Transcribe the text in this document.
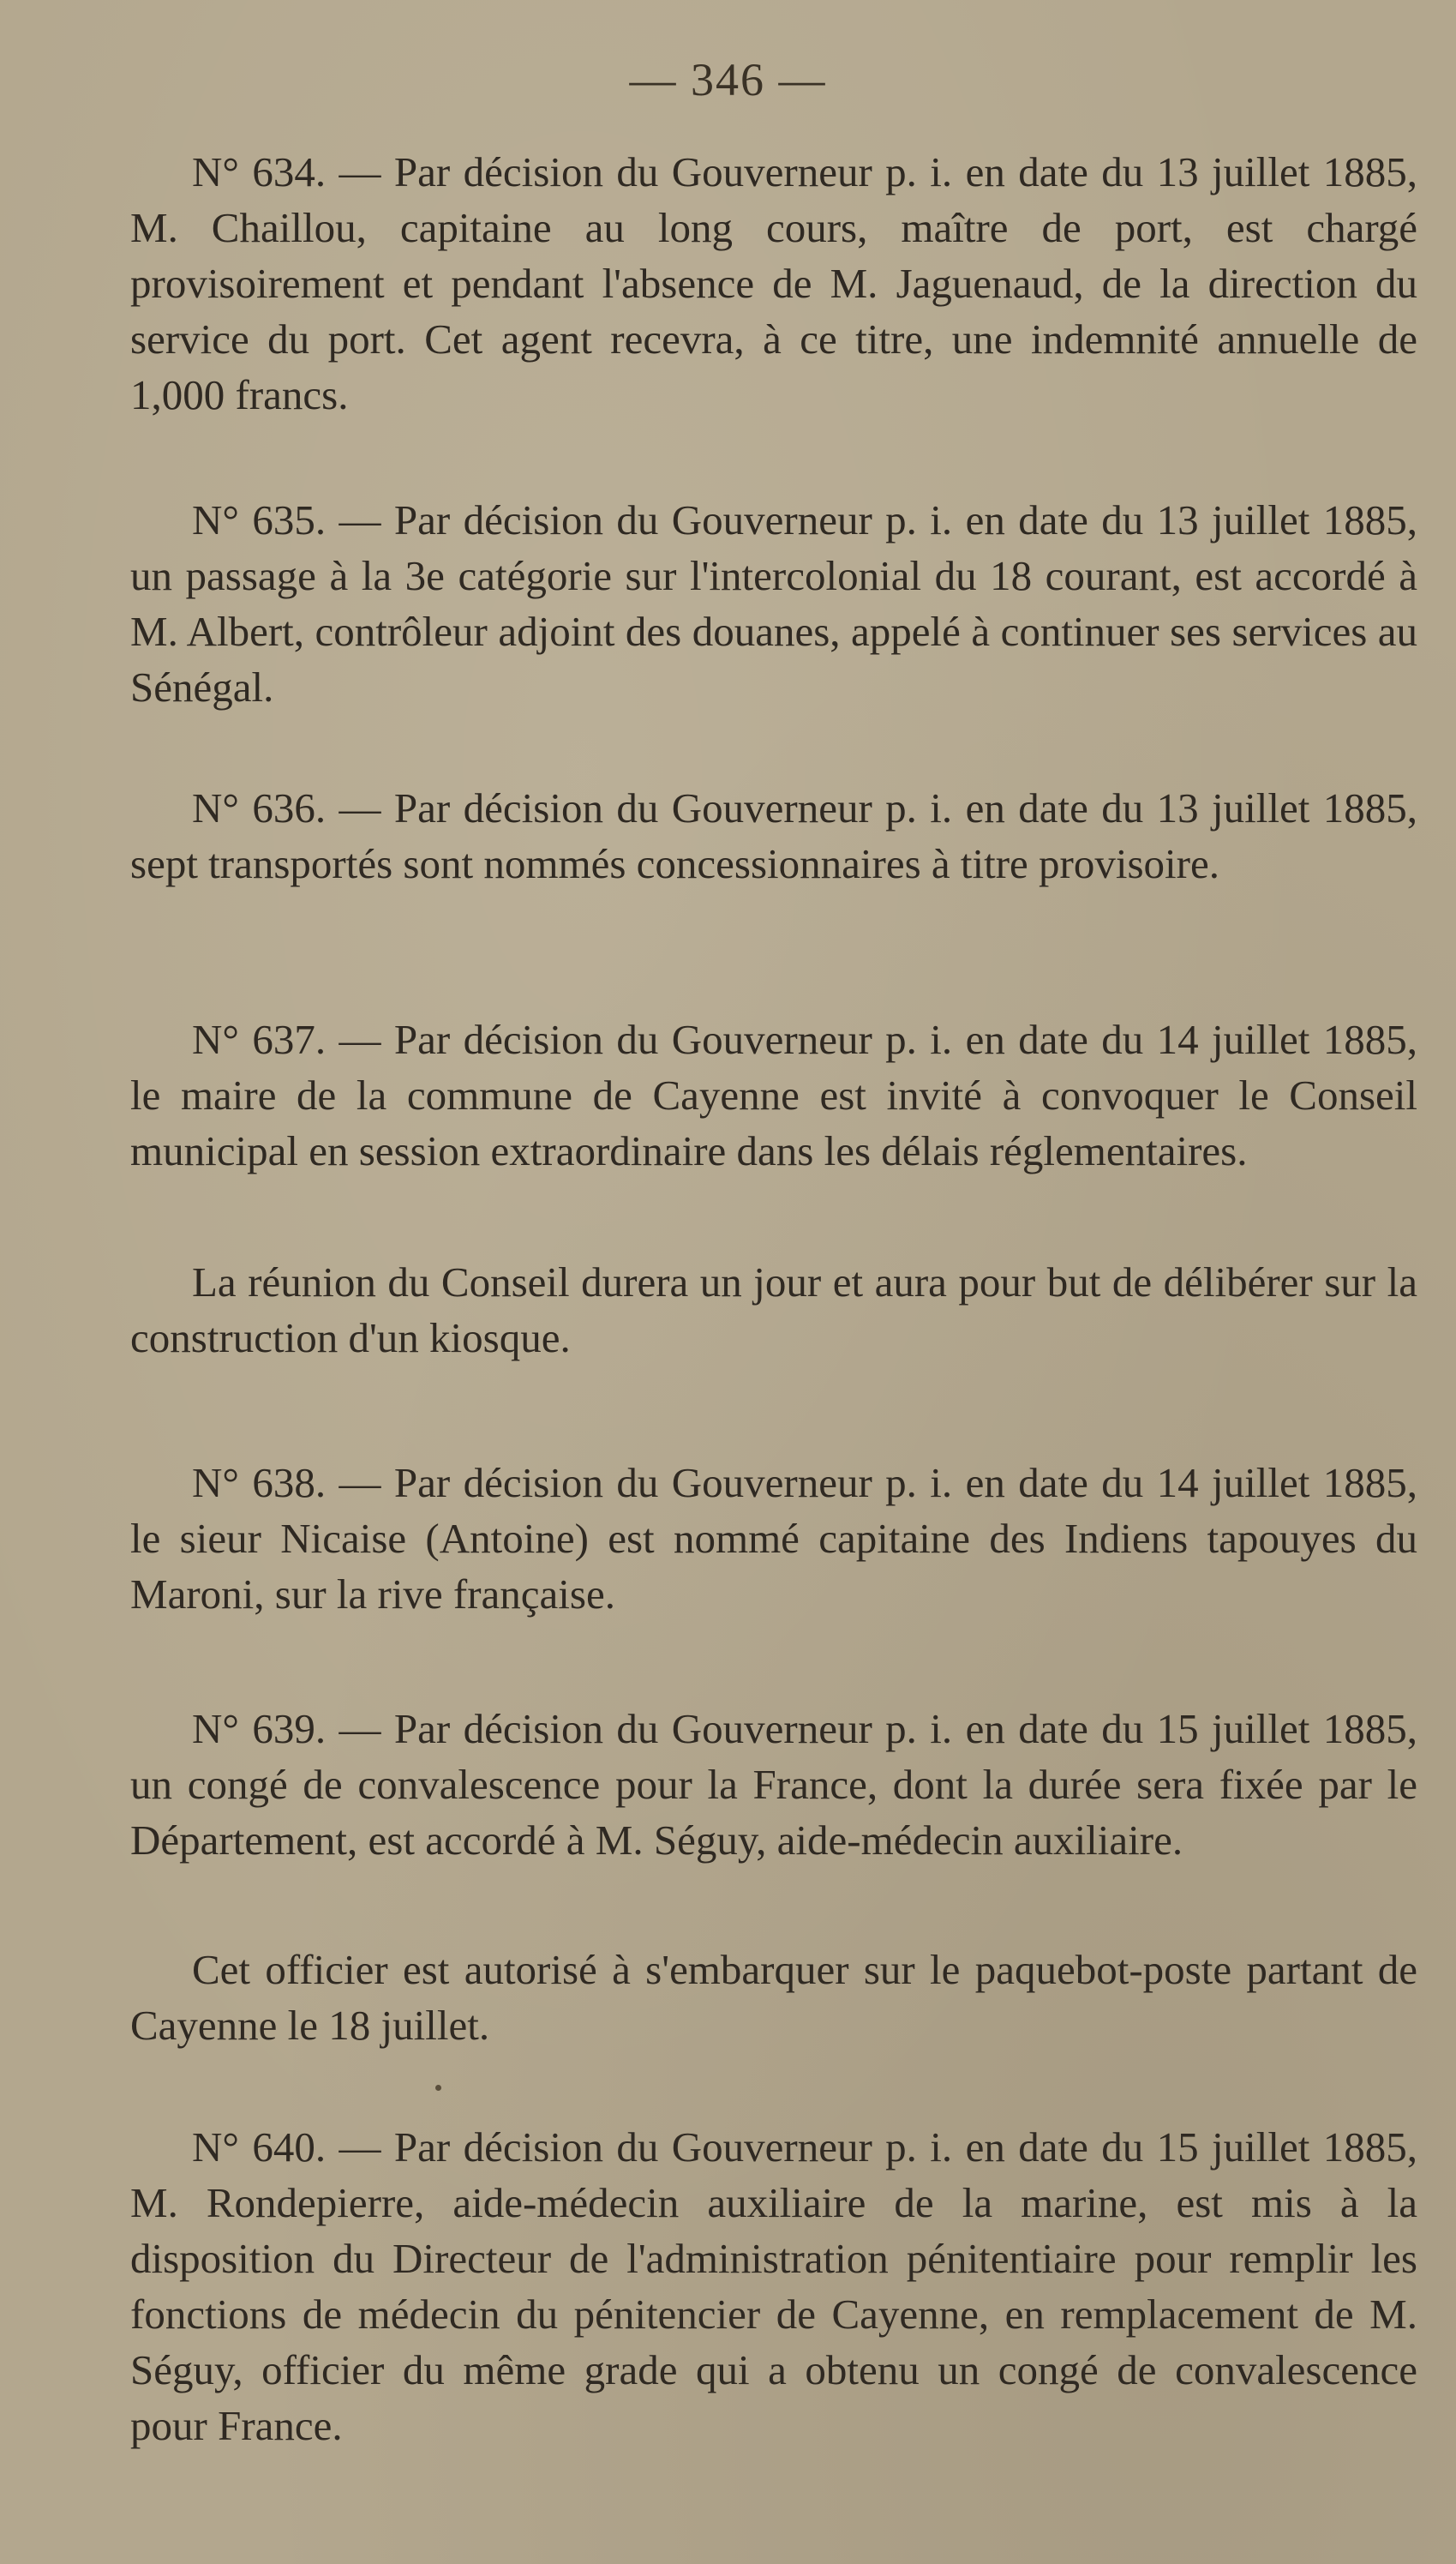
— 346 —

N° 634. — Par décision du Gouverneur p. i. en date du 13 juillet 1885, M. Chaillou, capitaine au long cours, maître de port, est chargé provisoirement et pendant l'absence de M. Jaguenaud, de la direction du service du port. Cet agent recevra, à ce titre, une indemnité annuelle de 1,000 francs.

N° 635. — Par décision du Gouverneur p. i. en date du 13 juillet 1885, un passage à la 3e catégorie sur l'intercolonial du 18 courant, est accordé à M. Albert, contrôleur adjoint des douanes, appelé à continuer ses services au Sénégal.

N° 636. — Par décision du Gouverneur p. i. en date du 13 juillet 1885, sept transportés sont nommés concessionnaires à titre provisoire.

N° 637. — Par décision du Gouverneur p. i. en date du 14 juillet 1885, le maire de la commune de Cayenne est invité à convoquer le Conseil municipal en session extraordinaire dans les délais réglementaires.

La réunion du Conseil durera un jour et aura pour but de délibérer sur la construction d'un kiosque.

N° 638. — Par décision du Gouverneur p. i. en date du 14 juillet 1885, le sieur Nicaise (Antoine) est nommé capitaine des Indiens tapouyes du Maroni, sur la rive française.

N° 639. — Par décision du Gouverneur p. i. en date du 15 juillet 1885, un congé de convalescence pour la France, dont la durée sera fixée par le Département, est accordé à M. Séguy, aide-médecin auxiliaire.

Cet officier est autorisé à s'embarquer sur le paquebot-poste partant de Cayenne le 18 juillet.

N° 640. — Par décision du Gouverneur p. i. en date du 15 juillet 1885, M. Rondepierre, aide-médecin auxiliaire de la marine, est mis à la disposition du Directeur de l'administration pénitentiaire pour remplir les fonctions de médecin du pénitencier de Cayenne, en remplacement de M. Séguy, officier du même grade qui a obtenu un congé de convalescence pour France.
